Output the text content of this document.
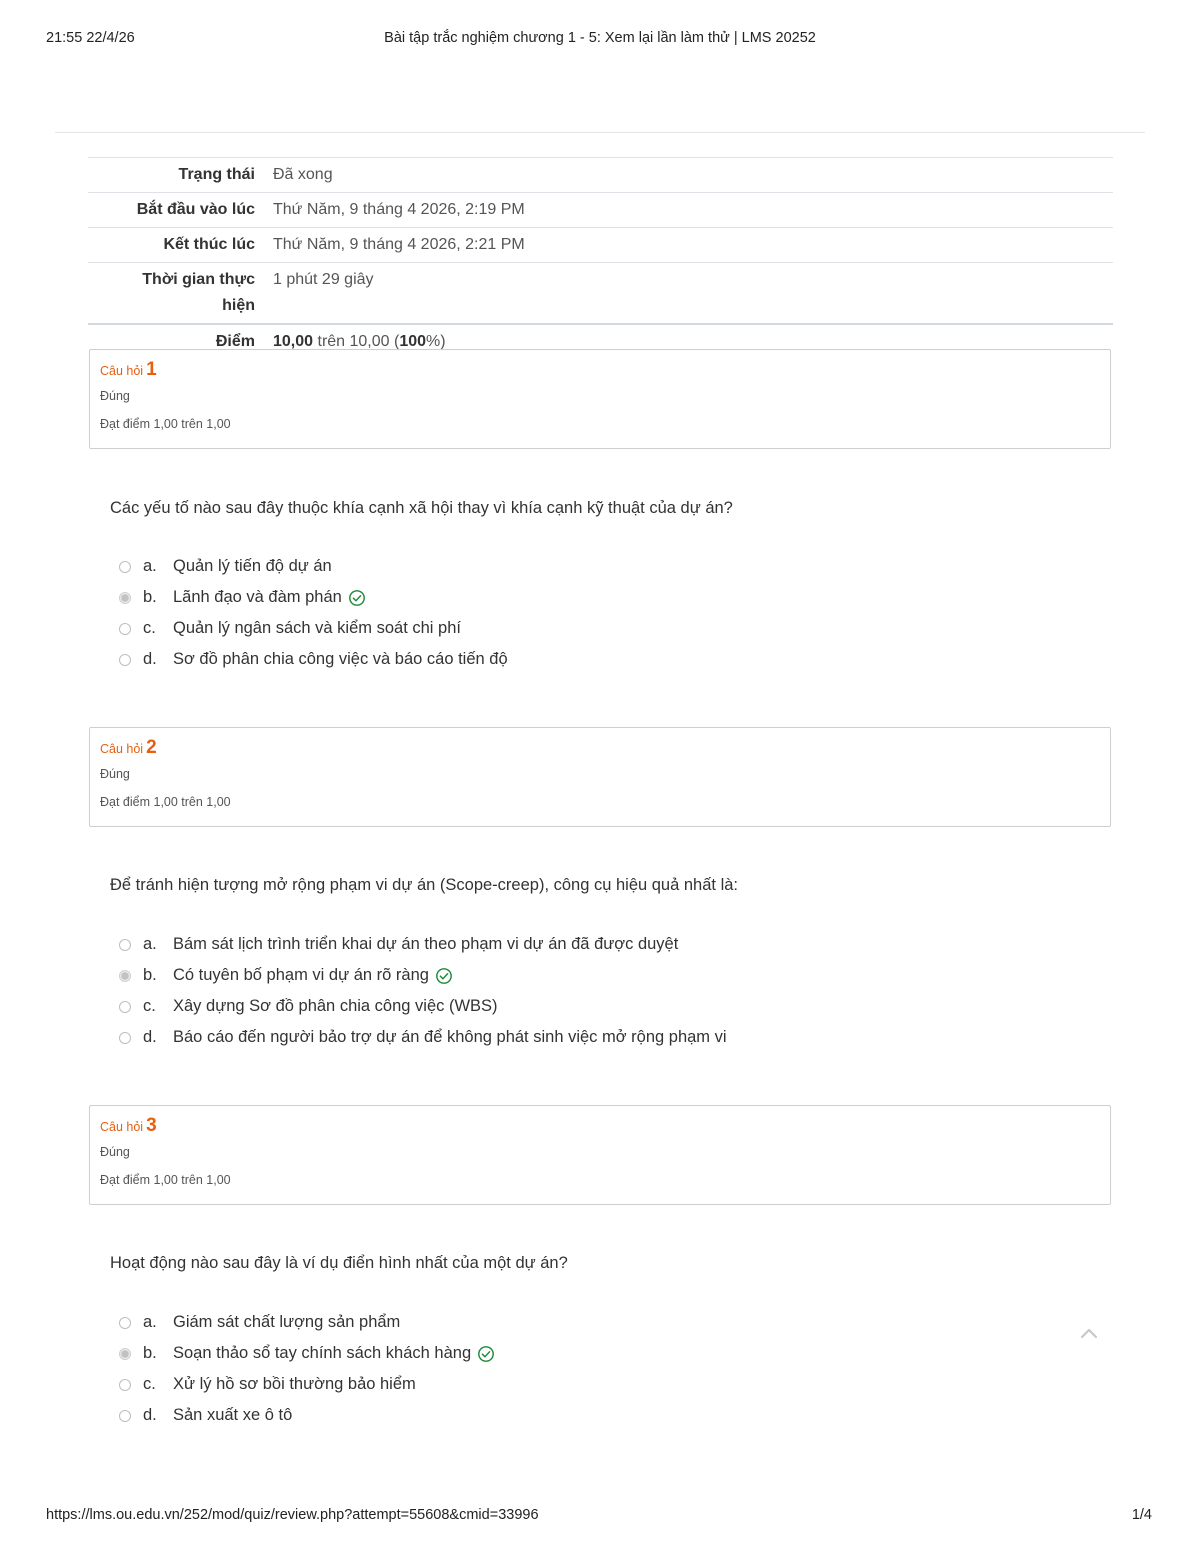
21:55 22/4/26	Bài tập trắc nghiệm chương 1 - 5: Xem lại lần làm thử | LMS 20252
Trạng thái	Đã xong
Bắt đầu vào lúc	Thứ Năm, 9 tháng 4 2026, 2:19 PM
Kết thúc lúc	Thứ Năm, 9 tháng 4 2026, 2:21 PM
Thời gian thực
hiện	1 phút 29 giây
Điểm	10,00 trên 10,00 (100%)
Câu hỏi 1
Đúng
Đạt điểm 1,00 trên 1,00
Các yếu tố nào sau đây thuộc khía cạnh xã hội thay vì khía cạnh kỹ thuật của dự án?
a. Quản lý tiến độ dự án
b. Lãnh đạo và đàm phán
c.	Quản lý ngân sách và kiểm soát chi phí
d. Sơ đồ phân chia công việc và báo cáo tiến độ
Câu hỏi 2
Đúng
Đạt điểm 1,00 trên 1,00
Để tránh hiện tượng mở rộng phạm vi dự án (Scope-creep), công cụ hiệu quả nhất là:
a. Bám sát lịch trình triển khai dự án theo phạm vi dự án đã được duyệt
b. Có tuyên bố phạm vi dự án rõ ràng
c.	Xây dựng Sơ đồ phân chia công việc (WBS)
d. Báo cáo đến người bảo trợ dự án để không phát sinh việc mở rộng phạm vi
Câu hỏi 3
Đúng
Đạt điểm 1,00 trên 1,00
Hoạt động nào sau đây là ví dụ điển hình nhất của một dự án?
a. Giám sát chất lượng sản phẩm
b. Soạn thảo sổ tay chính sách khách hàng
c.	Xử lý hồ sơ bồi thường bảo hiểm
d. Sản xuất xe ô tô
https://lms.ou.edu.vn/252/mod/quiz/review.php?attempt=55608&cmid=33996	1/4
